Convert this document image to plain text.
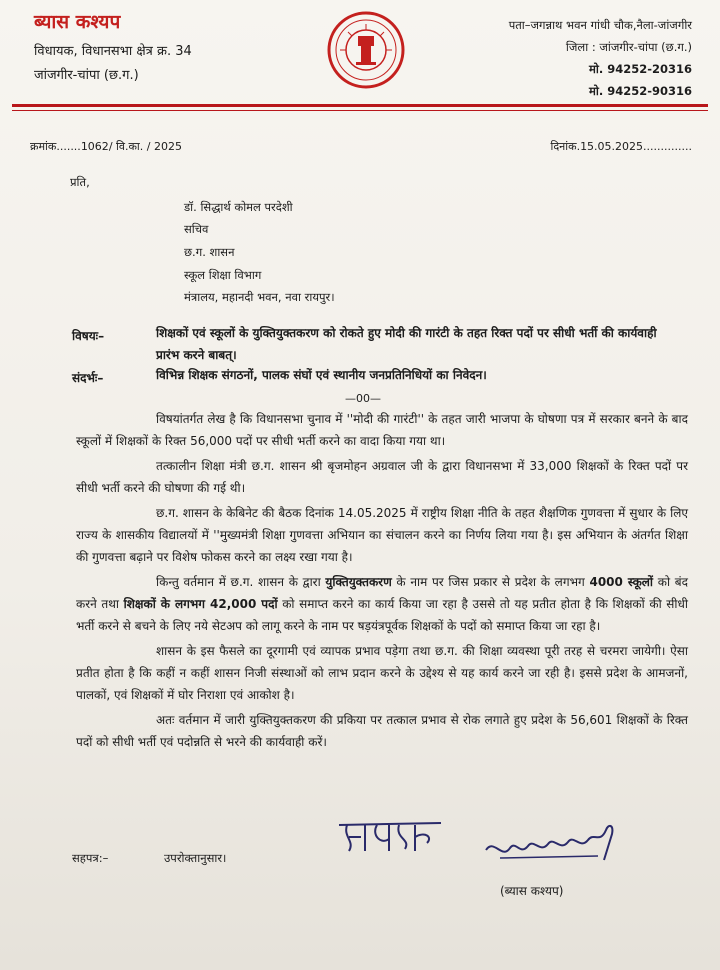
ब्यास कश्यप
विधायक, विधानसभा क्षेत्र क्र. 34
जांजगीर-चांपा (छ.ग.)
पता–जगन्नाथ भवन गांधी चौक,नैला-जांजगीर
जिला : जांजगीर-चांपा (छ.ग.)
मो. 94252-20316
मो. 94252-90316
क्रमांक.......1062/ वि.का. / 2025	दिनांक.15.05.2025..............
प्रति,
डॉ. सिद्धार्थ कोमल परदेशी
सचिव
छ.ग. शासन
स्कूल शिक्षा विभाग
मंत्रालय, महानदी भवन, नवा रायपुर।
विषयः–	शिक्षकों एवं स्कूलों के युक्तियुक्तकरण को रोकते हुए मोदी की गारंटी के तहत रिक्त पदों पर सीधी भर्ती की कार्यवाही प्रारंभ करने बाबत्।
संदर्भः–	विभिन्न शिक्षक संगठनों, पालक संघों एवं स्थानीय जनप्रतिनिधियों का निवेदन।
—00—

विषयांतर्गत लेख है कि विधानसभा चुनाव में ''मोदी की गारंटी'' के तहत जारी भाजपा के घोषणा पत्र में सरकार बनने के बाद स्कूलों में शिक्षकों के रिक्त 56,000 पदों पर सीधी भर्ती करने का वादा किया गया था।

तत्कालीन शिक्षा मंत्री छ.ग. शासन श्री बृजमोहन अग्रवाल जी के द्वारा विधानसभा में 33,000 शिक्षकों के रिक्त पदों पर सीधी भर्ती करने की घोषणा की गई थी।

छ.ग. शासन के केबिनेट की बैठक दिनांक 14.05.2025 में राष्ट्रीय शिक्षा नीति के तहत शैक्षणिक गुणवत्ता में सुधार के लिए राज्य के शासकीय विद्यालयों में ''मुख्यमंत्री शिक्षा गुणवत्ता अभियान का संचालन करने का निर्णय लिया गया है। इस अभियान के अंतर्गत शिक्षा की गुणवत्ता बढ़ाने पर विशेष फोकस करने का लक्ष्य रखा गया है।

किन्तु वर्तमान में छ.ग. शासन के द्वारा युक्तियुक्तकरण के नाम पर जिस प्रकार से प्रदेश के लगभग 4000 स्कूलों को बंद करने तथा शिक्षकों के लगभग 42,000 पदों को समाप्त करने का कार्य किया जा रहा है उससे तो यह प्रतीत होता है कि शिक्षकों की सीधी भर्ती करने से बचने के लिए नये सेटअप को लागू करने के नाम पर षड़यंत्रपूर्वक शिक्षकों के पदों को समाप्त किया जा रहा है।

शासन के इस फैसले का दूरगामी एवं व्यापक प्रभाव पड़ेगा तथा छ.ग. की शिक्षा व्यवस्था पूरी तरह से चरमरा जायेगी। ऐसा प्रतीत होता है कि कहीं न कहीं शासन निजी संस्थाओं को लाभ प्रदान करने के उद्देश्य से यह कार्य करने जा रही है। इससे प्रदेश के आमजनों, पालकों, एवं शिक्षकों में घोर निराशा एवं आकोश है।

अतः वर्तमान में जारी युक्तियुक्तकरण की प्रकिया पर तत्काल प्रभाव से रोक लगाते हुए प्रदेश के 56,601 शिक्षकों के रिक्त पदों को सीधी भर्ती एवं पदोन्नति से भरने की कार्यवाही करें।

सहपत्र:–	उपरोक्तानुसार।
(ब्यास कश्यप)
